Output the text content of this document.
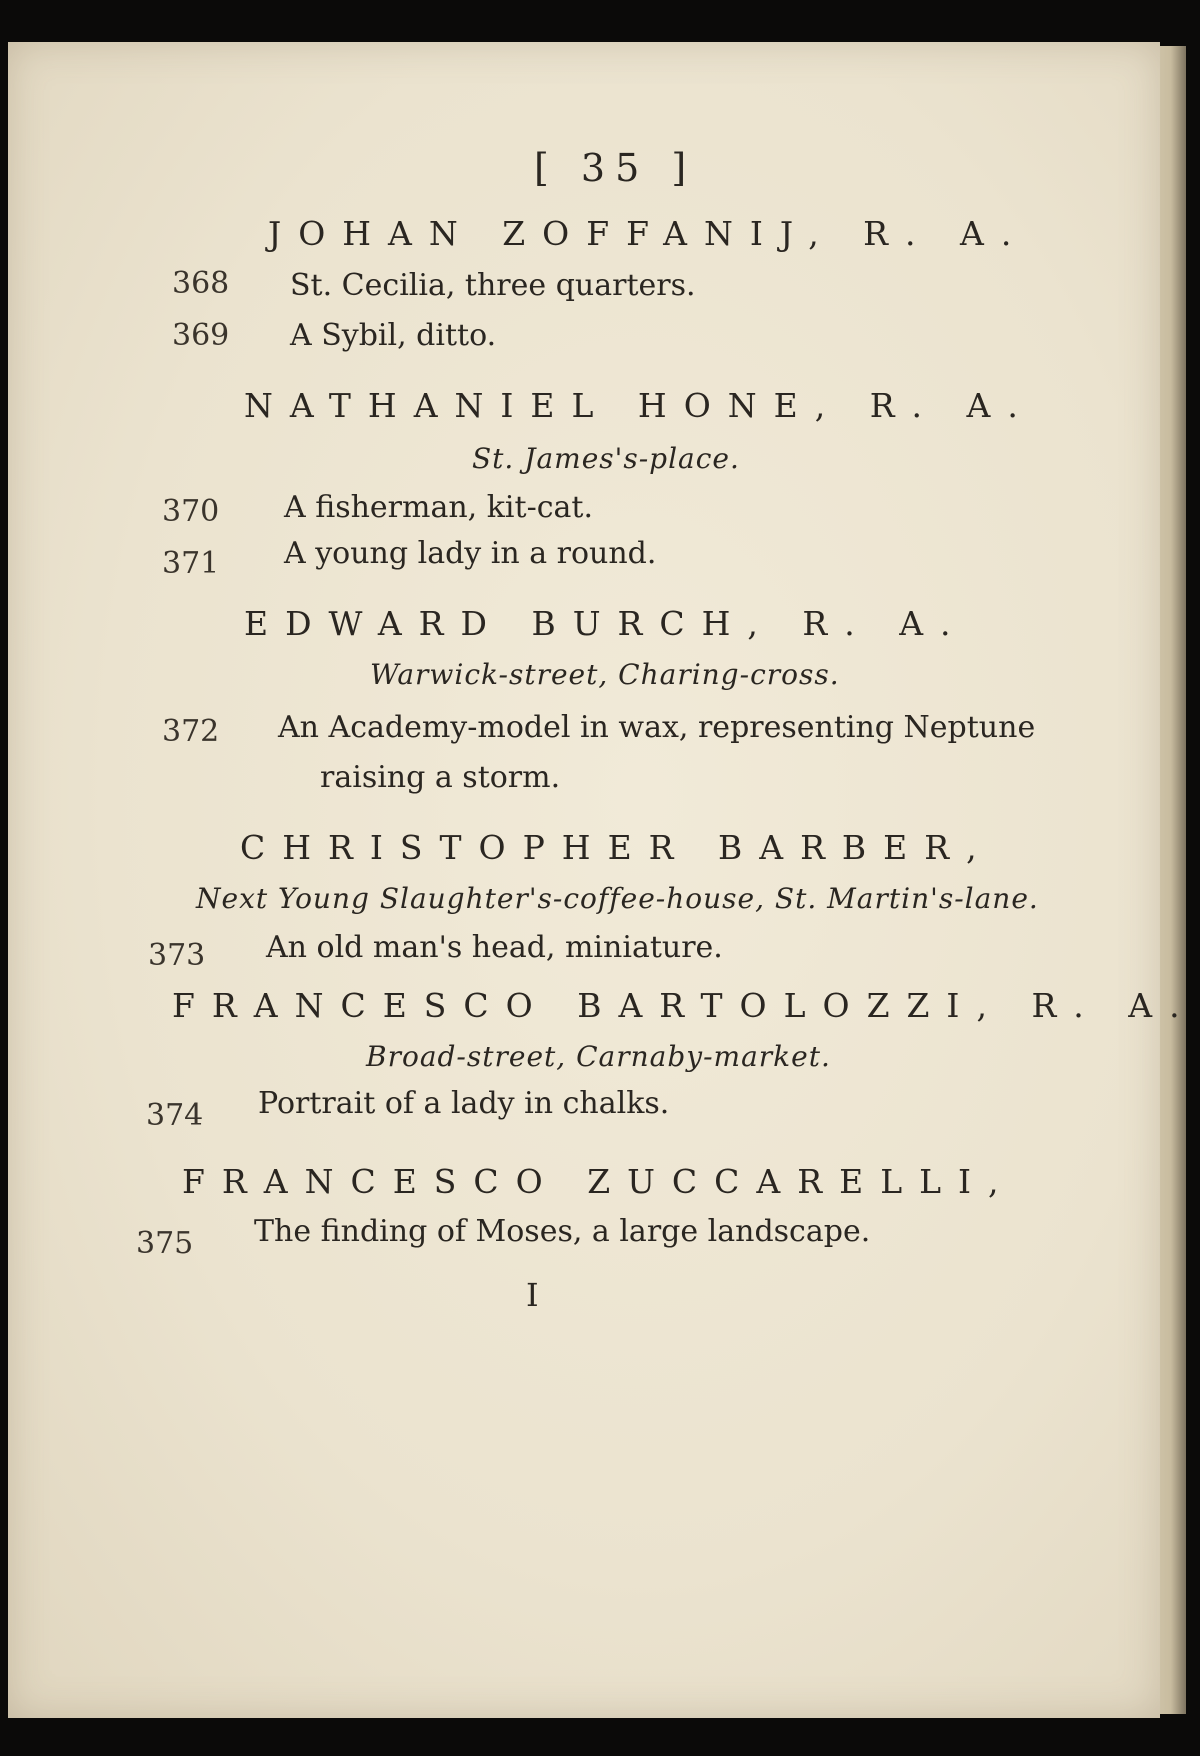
[ 35 ]

JOHAN ZOFFANIJ, R. A.

368 St. Cecilia, three quarters.

369 A Sybil, ditto.

NATHANIEL HONE, R. A.

St. James's-place.

370 A fisherman, kit-cat.

371 A young lady in a round.

EDWARD BURCH, R. A.

Warwick-street, Charing-cross.

372 An Academy-model in wax, representing Neptune

raising a storm.

CHRISTOPHER BARBER,

Next Young Slaughter's-coffee-house, St. Martin's-lane.

373 An old man's head, miniature.

FRANCESCO BARTOLOZZI, R. A.

Broad-street, Carnaby-market.

374 Portrait of a lady in chalks.

FRANCESCO ZUCCARELLI,

375 The finding of Moses, a large landscape.

I
